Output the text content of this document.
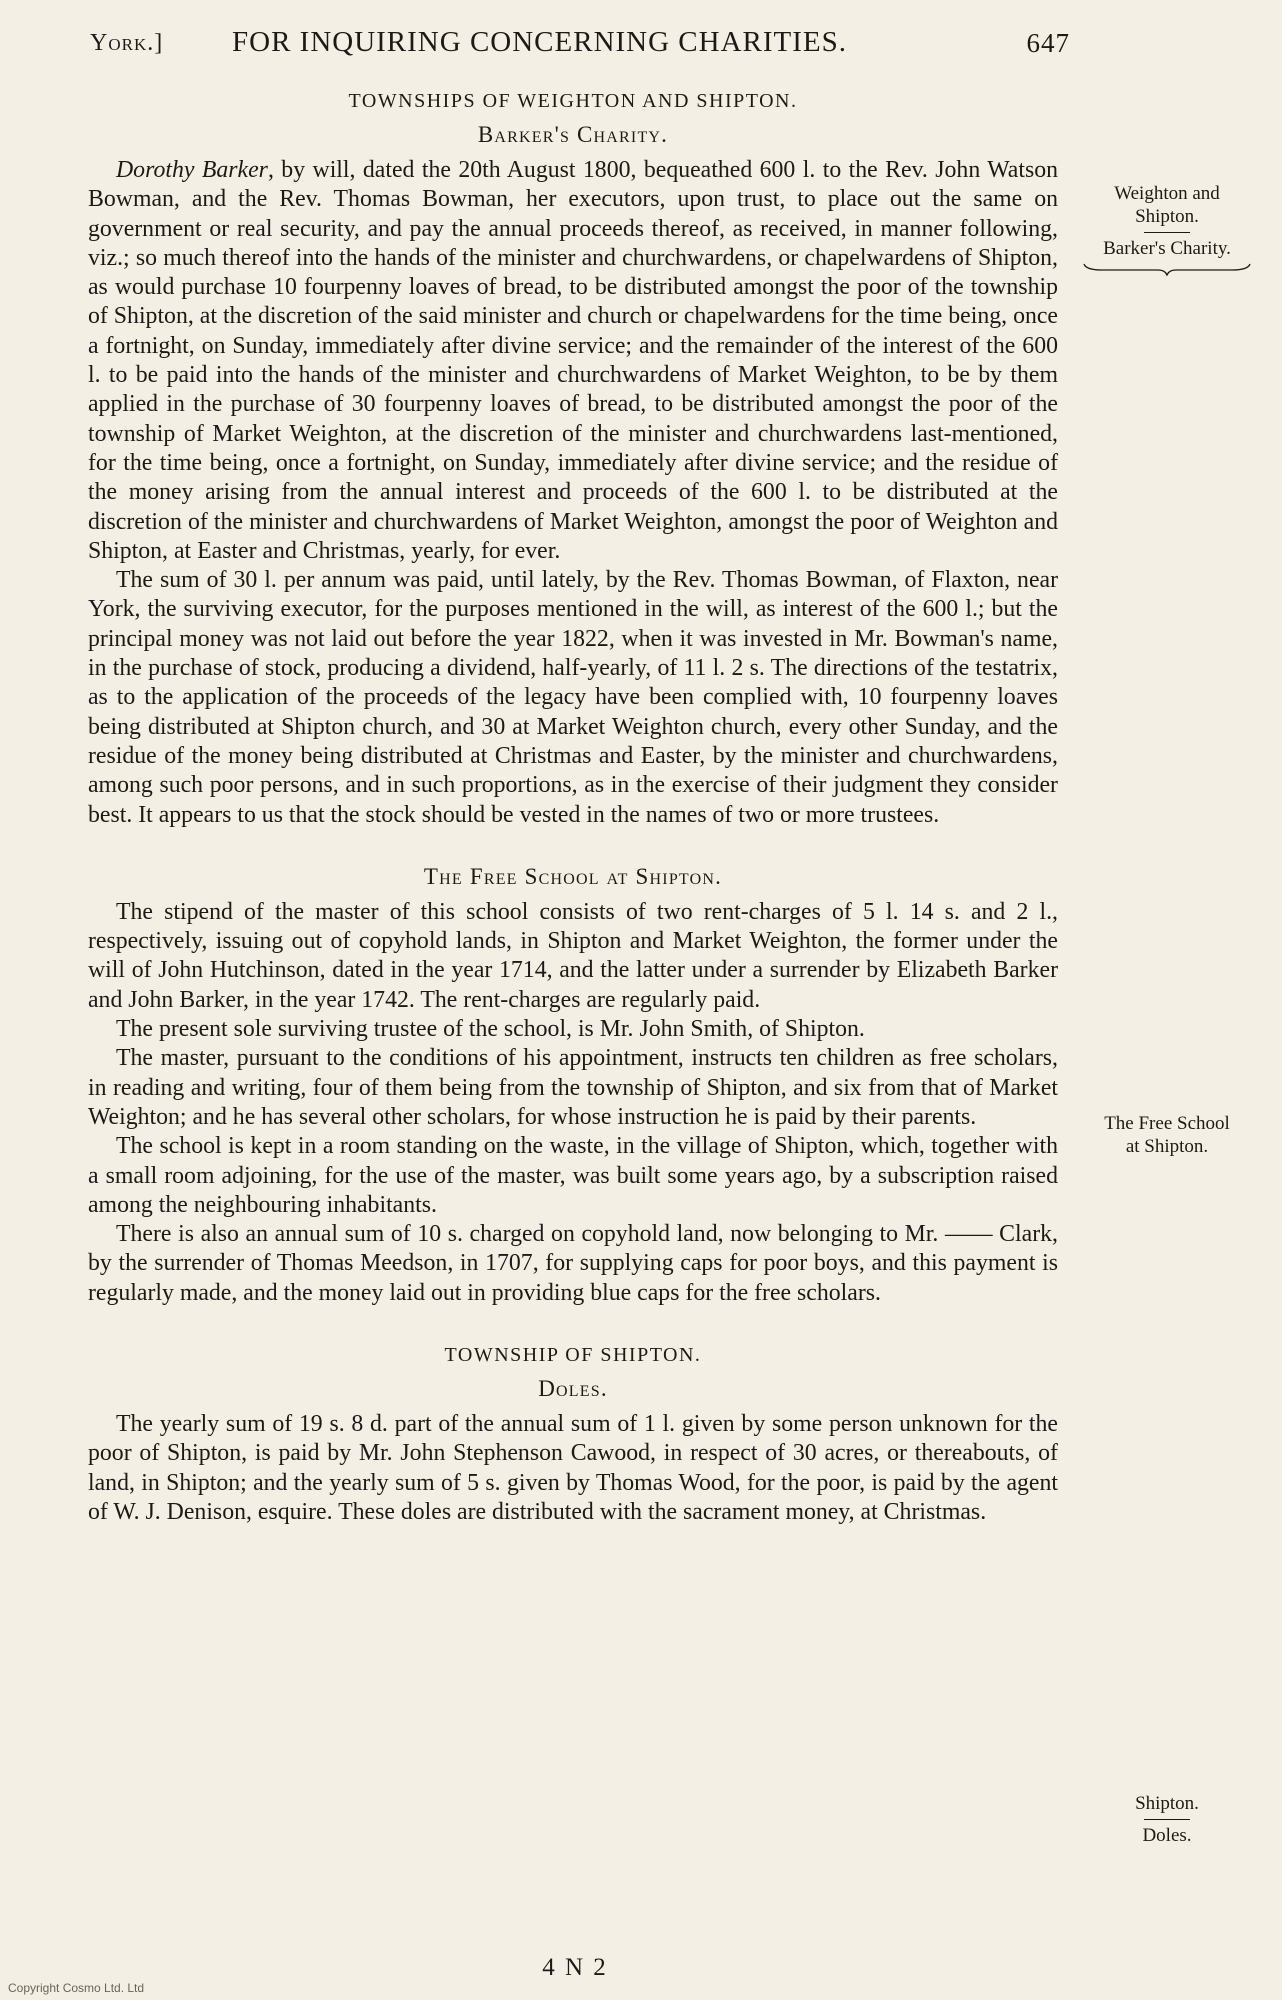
York.] FOR INQUIRING CONCERNING CHARITIES.	647
TOWNSHIPS OF WEIGHTON AND SHIPTON.
Barker's Charity.

Dorothy Barker, by will, dated the 20th August 1800, bequeathed 600 l. to the Rev. John Watson Bowman, and the Rev. Thomas Bowman, her executors, upon trust, to place out the same on government or real security, and pay the annual proceeds thereof, as received, in manner following, viz.; so much thereof into the hands of the minister and churchwardens, or chapelwardens of Shipton, as would purchase 10 fourpenny loaves of bread, to be distributed amongst the poor of the township of Shipton, at the discretion of the said minister and church or chapelwardens for the time being, once a fortnight, on Sunday, immediately after divine service; and the remainder of the interest of the 600 l. to be paid into the hands of the minister and churchwardens of Market Weighton, to be by them applied in the purchase of 30 fourpenny loaves of bread, to be distributed amongst the poor of the township of Market Weighton, at the discretion of the minister and churchwardens last-mentioned, for the time being, once a fortnight, on Sunday, immediately after divine service; and the residue of the money arising from the annual interest and proceeds of the 600 l. to be distributed at the discretion of the minister and churchwardens of Market Weighton, amongst the poor of Weighton and Shipton, at Easter and Christmas, yearly, for ever.

The sum of 30 l. per annum was paid, until lately, by the Rev. Thomas Bowman, of Flaxton, near York, the surviving executor, for the purposes mentioned in the will, as interest of the 600 l.; but the principal money was not laid out before the year 1822, when it was invested in Mr. Bowman's name, in the purchase of stock, producing a dividend, half-yearly, of 11 l. 2 s. The directions of the testatrix, as to the application of the proceeds of the legacy have been complied with, 10 fourpenny loaves being distributed at Shipton church, and 30 at Market Weighton church, every other Sunday, and the residue of the money being distributed at Christmas and Easter, by the minister and churchwardens, among such poor persons, and in such proportions, as in the exercise of their judgment they consider best. It appears to us that the stock should be vested in the names of two or more trustees.

The Free School at Shipton.

The stipend of the master of this school consists of two rent-charges of 5 l. 14 s. and 2 l., respectively, issuing out of copyhold lands, in Shipton and Market Weighton, the former under the will of John Hutchinson, dated in the year 1714, and the latter under a surrender by Elizabeth Barker and John Barker, in the year 1742. The rent-charges are regularly paid.

The present sole surviving trustee of the school, is Mr. John Smith, of Shipton.

The master, pursuant to the conditions of his appointment, instructs ten children as free scholars, in reading and writing, four of them being from the township of Shipton, and six from that of Market Weighton; and he has several other scholars, for whose instruction he is paid by their parents.

The school is kept in a room standing on the waste, in the village of Shipton, which, together with a small room adjoining, for the use of the master, was built some years ago, by a subscription raised among the neighbouring inhabitants.

There is also an annual sum of 10 s. charged on copyhold land, now belonging to Mr. —— Clark, by the surrender of Thomas Meedson, in 1707, for supplying caps for poor boys, and this payment is regularly made, and the money laid out in providing blue caps for the free scholars.

TOWNSHIP OF SHIPTON.
Doles.

The yearly sum of 19 s. 8 d. part of the annual sum of 1 l. given by some person unknown for the poor of Shipton, is paid by Mr. John Stephenson Cawood, in respect of 30 acres, or thereabouts, of land, in Shipton; and the yearly sum of 5 s. given by Thomas Wood, for the poor, is paid by the agent of W. J. Denison, esquire. These doles are distributed with the sacrament money, at Christmas.

Weighton and
Shipton.
Barker's Charity.
The Free School
at Shipton.
Shipton.
Doles.
4 N 2
Copyright Cosmo Ltd. Ltd
